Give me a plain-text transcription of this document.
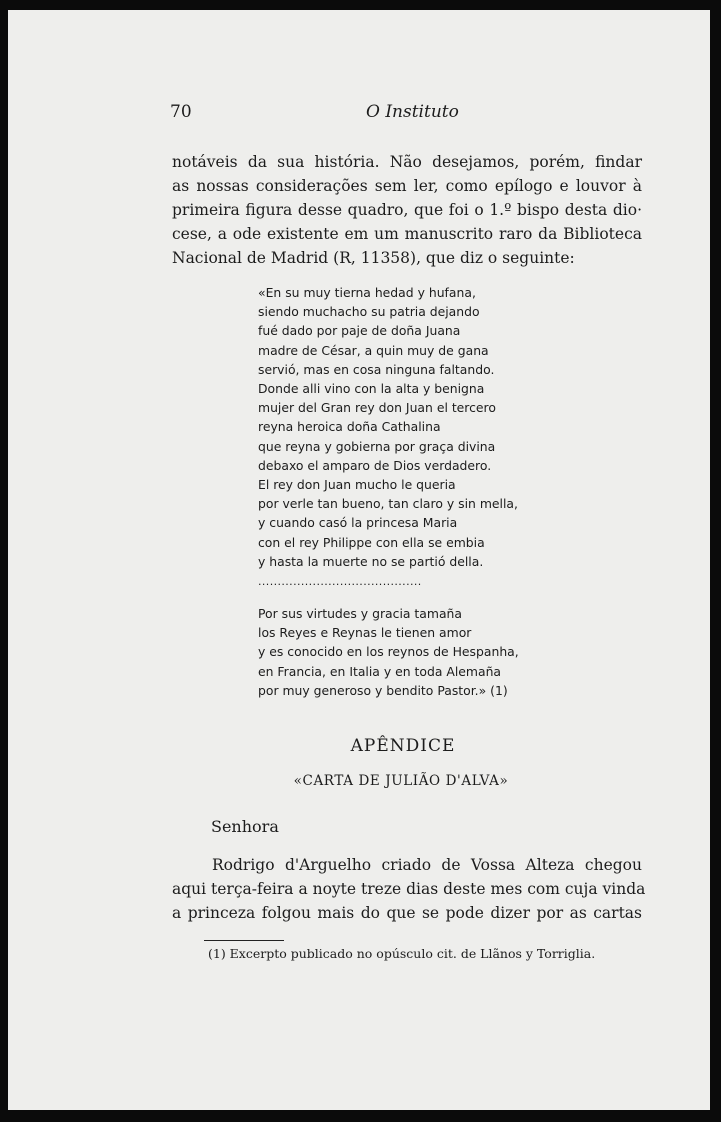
70	O Instituto
notáveis da sua história. Não desejamos, porém, findar
as nossas considerações sem ler, como epílogo e louvor à
primeira figura desse quadro, que foi o 1.º bispo desta dio·
cese, a ode existente em um manuscrito raro da Biblioteca
Nacional de Madrid (R, 11358), que diz o seguinte:
«En su muy tierna hedad y hufana,
siendo muchacho su patria dejando
fué dado por paje de doña Juana
madre de César, a quin muy de gana
servió, mas en cosa ninguna faltando.
Donde alli vino con la alta y benigna
mujer del Gran rey don Juan el tercero
reyna heroica doña Cathalina
que reyna y gobierna por graça divina
debaxo el amparo de Dios verdadero.
El rey don Juan mucho le queria
por verle tan bueno, tan claro y sin mella,
y cuando casó la princesa Maria
con el rey Philippe con ella se embia
y hasta la muerte no se partió della.
..........................................
Por sus virtudes y gracia tamaña
los Reyes e Reynas le tienen amor
y es conocido en los reynos de Hespanha,
en Francia, en Italia y en toda Alemaña
por muy generoso y bendito Pastor.» (1)
APÊNDICE
«CARTA DE JULIÃO D'ALVA»
Senhora
Rodrigo d'Arguelho criado de Vossa Alteza chegou
aqui terça-feira a noyte treze dias deste mes com cuja vinda
a princeza folgou mais do que se pode dizer por as cartas
(1) Excerpto publicado no opúsculo cit. de Llãnos y Torriglia.
